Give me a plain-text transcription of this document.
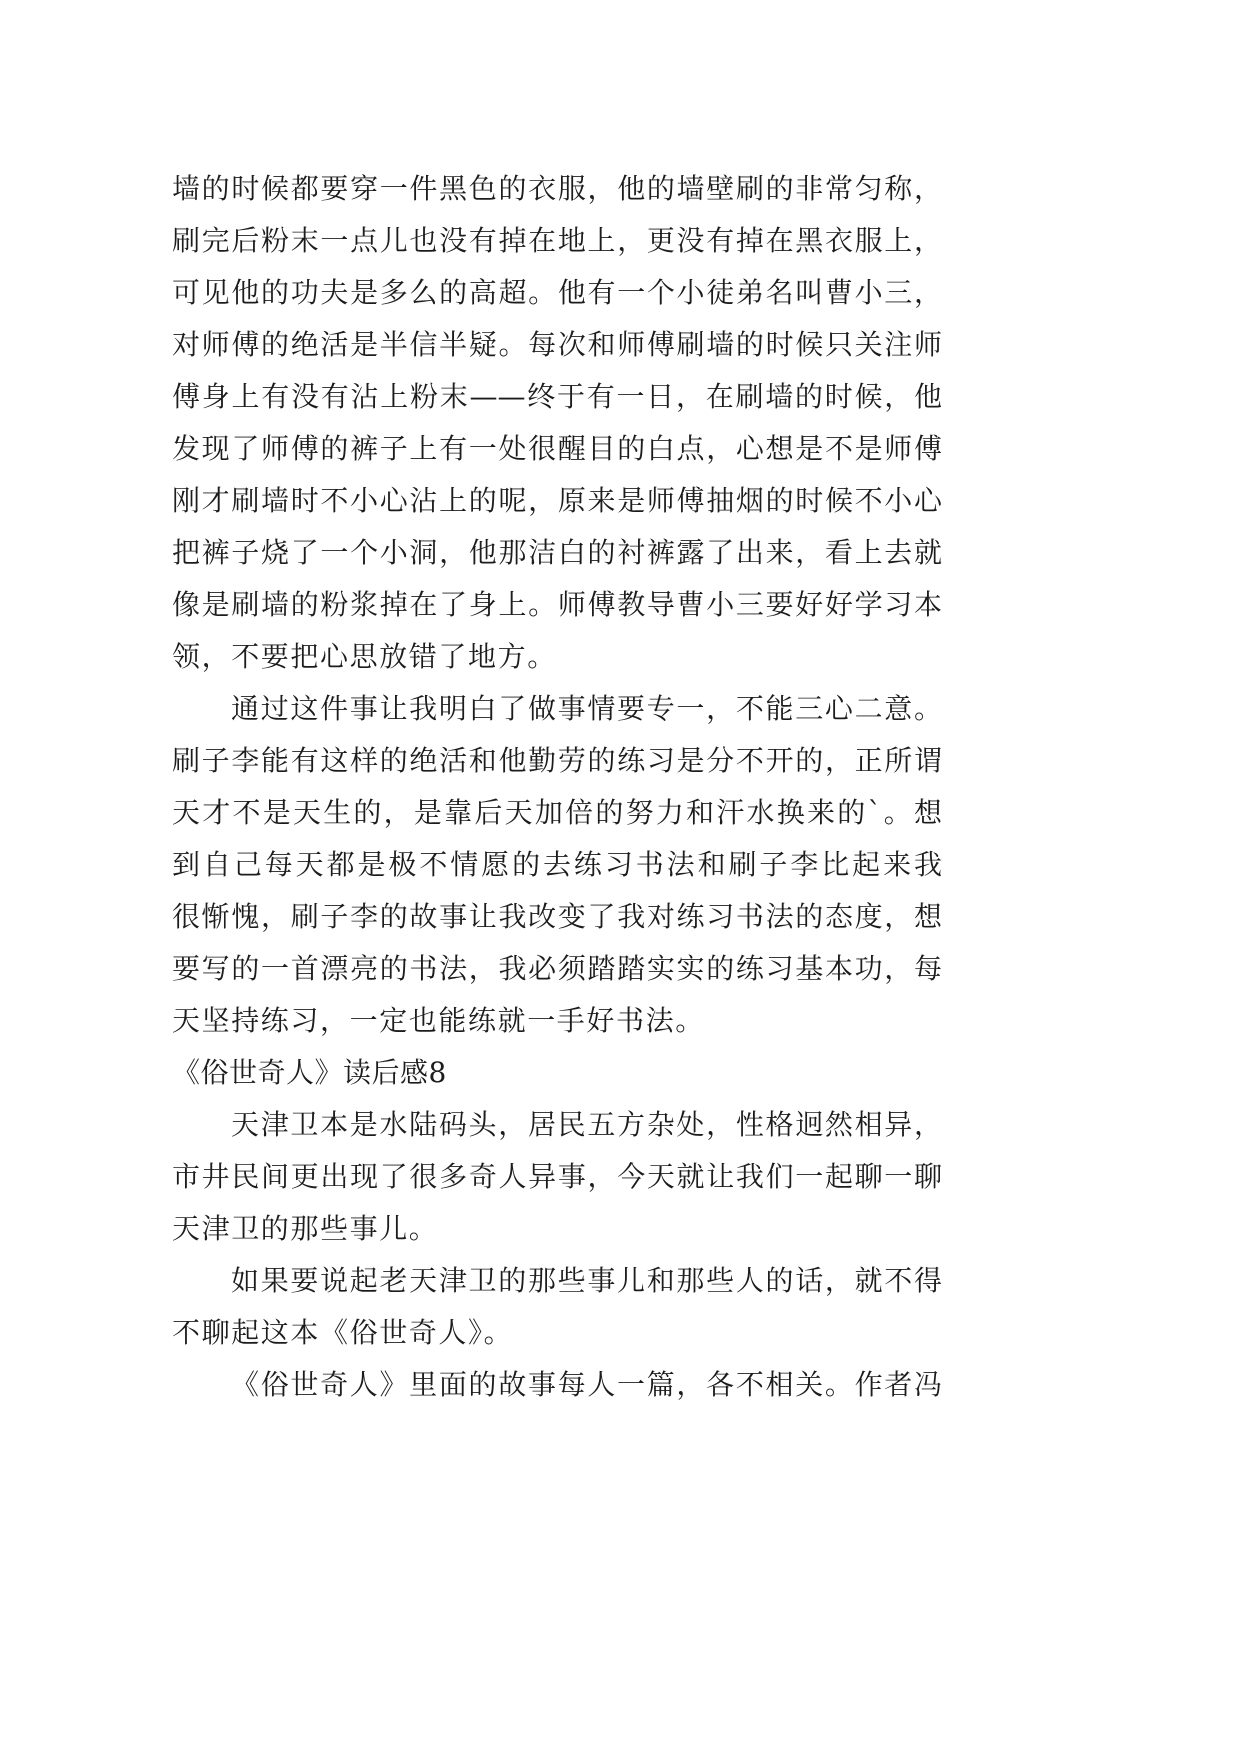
墙的时候都要穿一件黑色的衣服，他的墙壁刷的非常匀称，
刷完后粉末一点儿也没有掉在地上，更没有掉在黑衣服上，
可见他的功夫是多么的高超。他有一个小徒弟名叫曹小三，
对师傅的绝活是半信半疑。每次和师傅刷墙的时候只关注师
傅身上有没有沾上粉末——终于有一日，在刷墙的时候，他
发现了师傅的裤子上有一处很醒目的白点，心想是不是师傅
刚才刷墙时不小心沾上的呢，原来是师傅抽烟的时候不小心
把裤子烧了一个小洞，他那洁白的衬裤露了出来，看上去就
像是刷墙的粉浆掉在了身上。师傅教导曹小三要好好学习本
领，不要把心思放错了地方。
通过这件事让我明白了做事情要专一，不能三心二意。
刷子李能有这样的绝活和他勤劳的练习是分不开的，正所谓
天才不是天生的，是靠后天加倍的努力和汗水换来的`。想
到自己每天都是极不情愿的去练习书法和刷子李比起来我
很惭愧，刷子李的故事让我改变了我对练习书法的态度，想
要写的一首漂亮的书法，我必须踏踏实实的练习基本功，每
天坚持练习，一定也能练就一手好书法。
《俗世奇人》读后感8
天津卫本是水陆码头，居民五方杂处，性格迥然相异，
市井民间更出现了很多奇人异事，今天就让我们一起聊一聊
天津卫的那些事儿。
如果要说起老天津卫的那些事儿和那些人的话，就不得
不聊起这本《俗世奇人》。
《俗世奇人》里面的故事每人一篇，各不相关。作者冯
